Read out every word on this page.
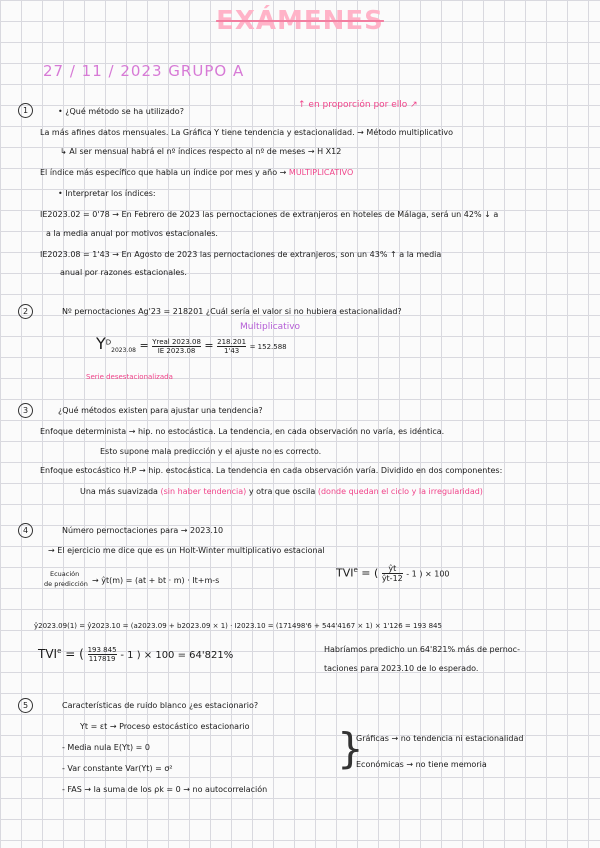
EXÁMENES
27 / 11 / 2023 GRUPO A
1	• ¿Qué método se ha utilizado?
↑ en proporción por ello ↗
La más afines datos mensuales. La Gráfica Y tiene tendencia y estacionalidad. → Método multiplicativo
↳ Al ser mensual habrá el nº índices respecto al nº de meses → H X12
El índice más específico que habla un índice por mes y año → MULTIPLICATIVO
• Interpretar los índices:
IE2023.02 = 0'78 → En Febrero de 2023 las pernoctaciones de extranjeros en hoteles de Málaga, será un 42% ↓ a
a la media anual por motivos estacionales.
IE2023.08 = 1'43 → En Agosto de 2023 las pernoctaciones de extranjeros, son un 43% ↑ a la media
anual por razones estacionales.
2	Nº pernoctaciones Ag'23 = 218201 ¿Cuál sería el valor si no hubiera estacionalidad?
Multiplicativo
$Y^D_{2023.08} = \frac{\text{Yreal 2023.08}}{IE 2023.08} = \frac{218.201}{1'43} = 152.588$
Serie desestacionalizada
3	¿Qué métodos existen para ajustar una tendencia?
Enfoque determinista → hip. no estocástica. La tendencia, en cada observación no varía, es idéntica.
Esto supone mala predicción y el ajuste no es correcto.
Enfoque estocástico H.P → hip. estocástica. La tendencia en cada observación varía. Dividido en dos componentes:
Una más suavizada (sin haber tendencia) y otra que oscila (donde quedan el ciclo y la irregularidad)
4	Número pernoctaciones para → 2023.10
→ El ejercicio me dice que es un Holt-Winter multiplicativo estacional
Ecuación
de predicción → ŷt(m) = (at + bt · m) · It+m-s
$TVI^e$ = ( $\frac{ŷt}{ŷt-12} - 1$ ) × 100
ŷ2023.09(1) = ŷ2023.10 = (a2023.09 + b2023.09 × 1) · I2023.10 = (171498'6 + 544'4167 × 1) × 1'126 = 193 845
$TVI^e$ = ( $\frac{193 845}{117819} - 1$ ) × 100 = 64'821%
Habríamos predicho un 64'821% más de pernoc-
taciones para 2023.10 de lo esperado.
5	Características de ruido blanco ¿es estacionario?
Yt = εt → Proceso estocástico estacionario
- Media nula E(Yt) = 0
- Var constante Var(Yt) = σ²
- FAS → la suma de los ρk = 0 → no autocorrelación
}
Gráficas → no tendencia ni estacionalidad
Económicas → no tiene memoria
